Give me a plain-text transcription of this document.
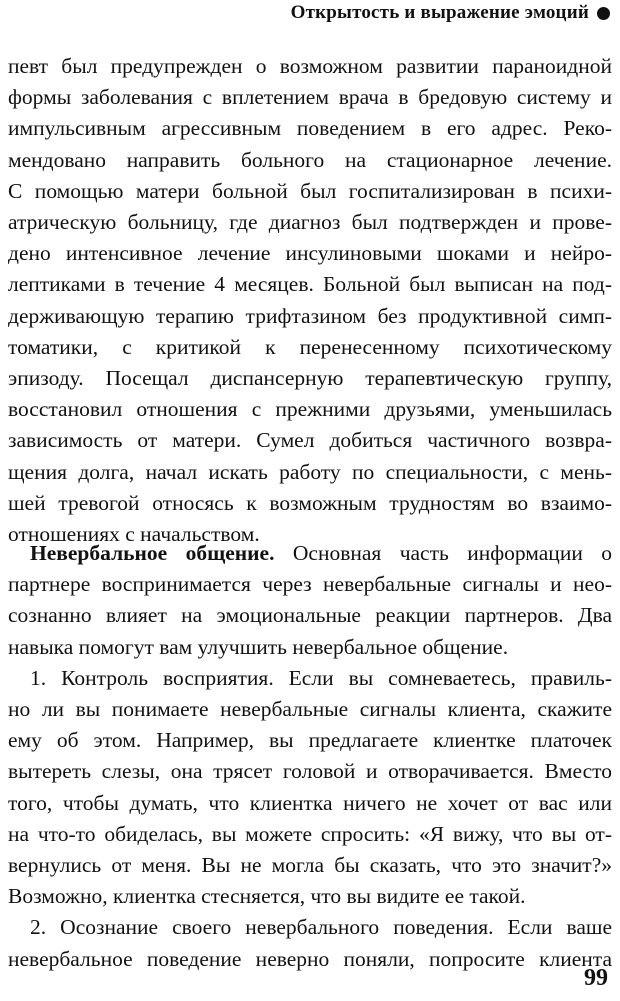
Открытость и выражение эмоций
певт был предупрежден о возможном развитии параноидной
формы заболевания с вплетением врача в бредовую систему и
импульсивным агрессивным поведением в его адрес. Реко-
мендовано направить больного на стационарное лечение.
С помощью матери больной был госпитализирован в психи-
атрическую больницу, где диагноз был подтвержден и прове-
дено интенсивное лечение инсулиновыми шоками и нейро-
лептиками в течение 4 месяцев. Больной был выписан на под-
держивающую терапию трифтазином без продуктивной симп-
томатики, с критикой к перенесенному психотическому
эпизоду. Посещал диспансерную терапевтическую группу,
восстановил отношения с прежними друзьями, уменьшилась
зависимость от матери. Сумел добиться частичного возвра-
щения долга, начал искать работу по специальности, с мень-
шей тревогой относясь к возможным трудностям во взаимо-
отношениях с начальством.
Невербальное общение. Основная часть информации о
партнере воспринимается через невербальные сигналы и нео-
сознанно влияет на эмоциональные реакции партнеров. Два
навыка помогут вам улучшить невербальное общение.
1. Контроль восприятия. Если вы сомневаетесь, правиль-
но ли вы понимаете невербальные сигналы клиента, скажите
ему об этом. Например, вы предлагаете клиентке платочек
вытереть слезы, она трясет головой и отворачивается. Вместо
того, чтобы думать, что клиентка ничего не хочет от вас или
на что-то обиделась, вы можете спросить: «Я вижу, что вы от-
вернулись от меня. Вы не могла бы сказать, что это значит?»
Возможно, клиентка стесняется, что вы видите ее такой.
2. Осознание своего невербального поведения. Если ваше
невербальное поведение неверно поняли, попросите клиента
99
